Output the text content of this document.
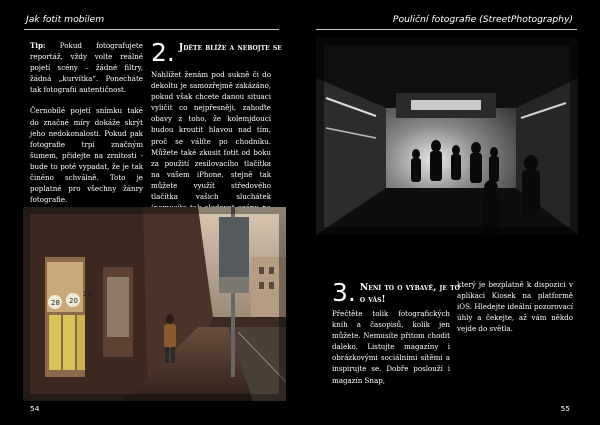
Jak fotit mobilem

Tip: Pokud fotografujete reportáž, vždy volte reálné pojetí scény – žádné filtry, žádná „kurvítka“. Ponecháte tak fotografii autentičnost.

Černobílé pojetí snímku také do značné míry dokáže skrýt jeho nedokonalosti. Pokud pak fotografie trpí značným šumem, přidejte na zrnitosti - bude to poté vypadat, že je tak činěno schválně. Toto je poplatné pro všechny žánry fotografie.

2. Jděte blíže a nebojte se

Nahlížet ženám pod sukně či do dekoltu je samozřejmě zakázáno, pokud však chcete danou situaci vyličit co nejpřesněji, zahoďte obavy z toho, že kolemjdoucí budou kroutit hlavou nad tím, proč se válíte po chodníku. Můžete také zkusit fotit od boku za použití zesilovacího tlačítka na vašem iPhone, stejně tak můžete využít středového tlačítka vašich sluchátek

28 20
28
54
Pouliční fotografie (StreetPhotography)
3. Není to o výbavě, je to o vás!

Přečtěte tolik fotografických knih a časopisů, kolik jen můžete. Nemusíte přitom chodit daleko. Listujte magazíny i obrázkovými sociálními sítěmi a inspirujte se. Dobře poslouží i magazín Snap,

který je bezplatně k dispozici v aplikaci Kiosek na platformě iOS. Hledejte ideální pozorovací úhly a čekejte, až vám někdo vejde do světla.

55
